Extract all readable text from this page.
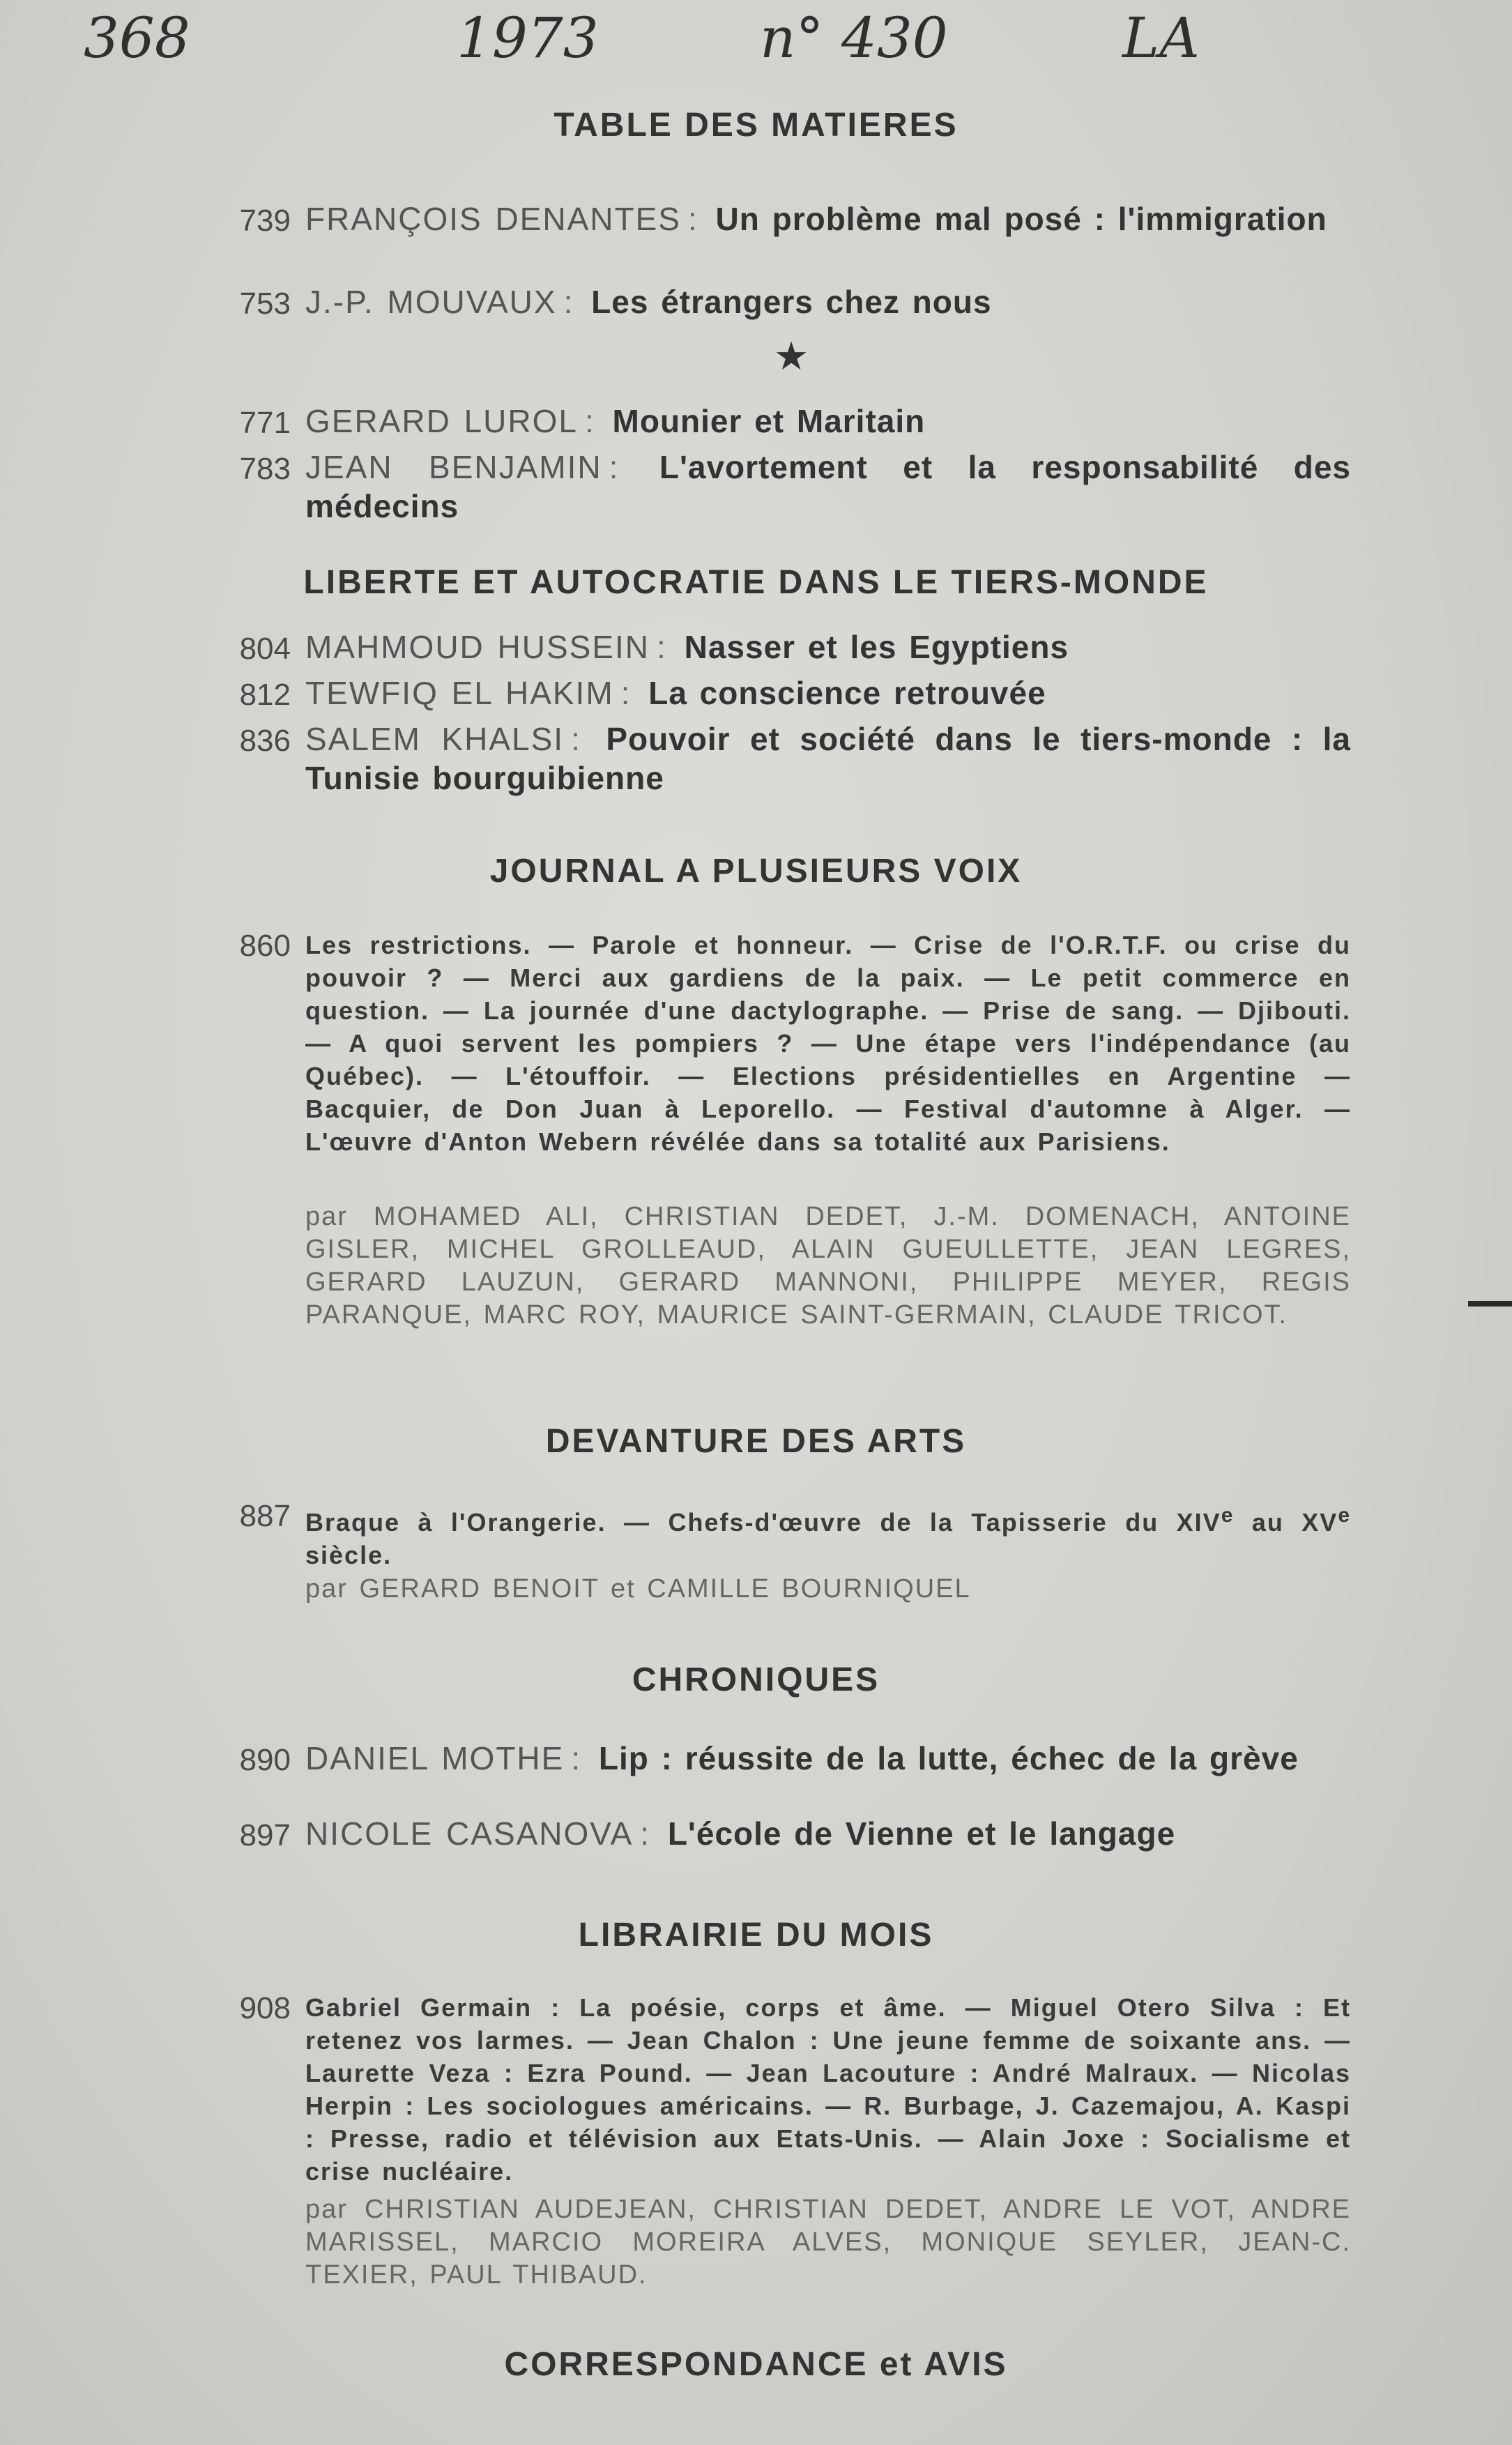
368	1973	n° 430	LA
TABLE DES MATIERES
739 FRANÇOIS DENANTES : Un problème mal posé : l'immigration
753 J.-P. MOUVAUX : Les étrangers chez nous
★
771 GERARD LUROL : Mounier et Maritain
783 JEAN BENJAMIN : L'avortement et la responsabilité des médecins
LIBERTE ET AUTOCRATIE DANS LE TIERS-MONDE
804 MAHMOUD HUSSEIN : Nasser et les Egyptiens
812 TEWFIQ EL HAKIM : La conscience retrouvée
836 SALEM KHALSI : Pouvoir et société dans le tiers-monde : la Tunisie bourguibienne
JOURNAL A PLUSIEURS VOIX
860 Les restrictions. — Parole et honneur. — Crise de l'O.R.T.F. ou crise du pouvoir ? — Merci aux gardiens de la paix. — Le petit commerce en question. — La journée d'une dactylographe. — Prise de sang. — Djibouti. — A quoi servent les pompiers ? — Une étape vers l'indépendance (au Québec). — L'étouffoir. — Elections présidentielles en Argentine — Bacquier, de Don Juan à Leporello. — Festival d'automne à Alger. — L'œuvre d'Anton Webern révélée dans sa totalité aux Parisiens.
par MOHAMED ALI, CHRISTIAN DEDET, J.-M. DOMENACH, ANTOINE GISLER, MICHEL GROLLEAUD, ALAIN GUEULLETTE, JEAN LEGRES, GERARD LAUZUN, GERARD MANNONI, PHILIPPE MEYER, REGIS PARANQUE, MARC ROY, MAURICE SAINT-GERMAIN, CLAUDE TRICOT.
DEVANTURE DES ARTS
887 Braque à l'Orangerie. — Chefs-d'œuvre de la Tapisserie du XIVe au XVe siècle.
par GERARD BENOIT et CAMILLE BOURNIQUEL
CHRONIQUES
890 DANIEL MOTHE : Lip : réussite de la lutte, échec de la grève
897 NICOLE CASANOVA : L'école de Vienne et le langage
LIBRAIRIE DU MOIS
908 Gabriel Germain : La poésie, corps et âme. — Miguel Otero Silva : Et retenez vos larmes. — Jean Chalon : Une jeune femme de soixante ans. — Laurette Veza : Ezra Pound. — Jean Lacouture : André Malraux. — Nicolas Herpin : Les sociologues américains. — R. Burbage, J. Cazemajou, A. Kaspi : Presse, radio et télévision aux Etats-Unis. — Alain Joxe : Socialisme et crise nucléaire.
par CHRISTIAN AUDEJEAN, CHRISTIAN DEDET, ANDRE LE VOT, ANDRE MARISSEL, MARCIO MOREIRA ALVES, MONIQUE SEYLER, JEAN-C. TEXIER, PAUL THIBAUD.
CORRESPONDANCE et AVIS
